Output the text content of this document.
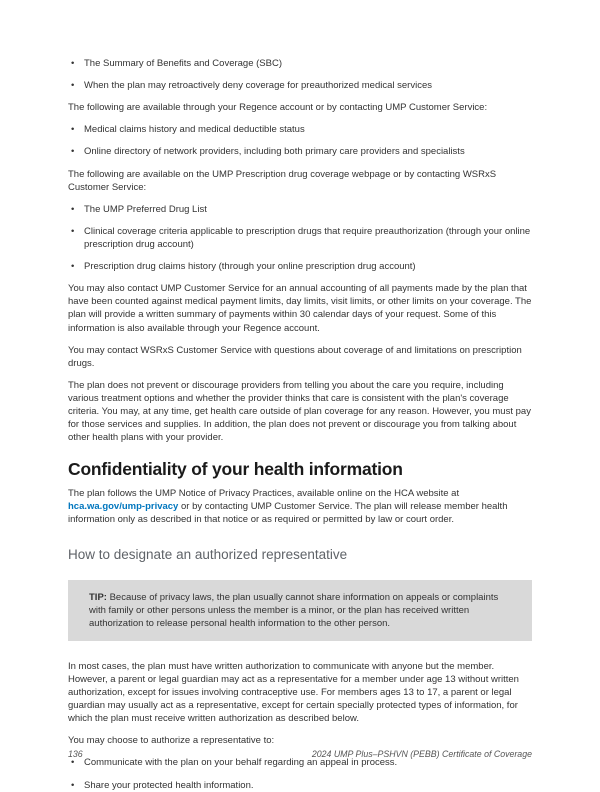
• The Summary of Benefits and Coverage (SBC)
• When the plan may retroactively deny coverage for preauthorized medical services

The following are available through your Regence account or by contacting UMP Customer Service:

• Medical claims history and medical deductible status
• Online directory of network providers, including both primary care providers and specialists

The following are available on the UMP Prescription drug coverage webpage or by contacting WSRxS Customer Service:

• The UMP Preferred Drug List
• Clinical coverage criteria applicable to prescription drugs that require preauthorization (through your online prescription drug account)
• Prescription drug claims history (through your online prescription drug account)

You may also contact UMP Customer Service for an annual accounting of all payments made by the plan that have been counted against medical payment limits, day limits, visit limits, or other limits on your coverage. The plan will provide a written summary of payments within 30 calendar days of your request. Some of this information is also available through your Regence account.

You may contact WSRxS Customer Service with questions about coverage of and limitations on prescription drugs.

The plan does not prevent or discourage providers from telling you about the care you require, including various treatment options and whether the provider thinks that care is consistent with the plan's coverage criteria. You may, at any time, get health care outside of plan coverage for any reason. However, you must pay for those services and supplies. In addition, the plan does not prevent or discourage you from talking about other health plans with your provider.

Confidentiality of your health information

The plan follows the UMP Notice of Privacy Practices, available online on the HCA website at hca.wa.gov/ump-privacy or by contacting UMP Customer Service. The plan will release member health information only as described in that notice or as required or permitted by law or court order.

How to designate an authorized representative
TIP: Because of privacy laws, the plan usually cannot share information on appeals or complaints with family or other persons unless the member is a minor, or the plan has received written authorization to release personal health information to the other person.

In most cases, the plan must have written authorization to communicate with anyone but the member. However, a parent or legal guardian may act as a representative for a member under age 13 without written authorization, except for issues involving contraceptive use. For members ages 13 to 17, a parent or legal guardian may usually act as a representative, except for certain specially protected types of information, for which the plan must receive written authorization as described below.

You may choose to authorize a representative to:

• Communicate with the plan on your behalf regarding an appeal in process.
• Share your protected health information.
136	2024 UMP Plus–PSHVN (PEBB) Certificate of Coverage
